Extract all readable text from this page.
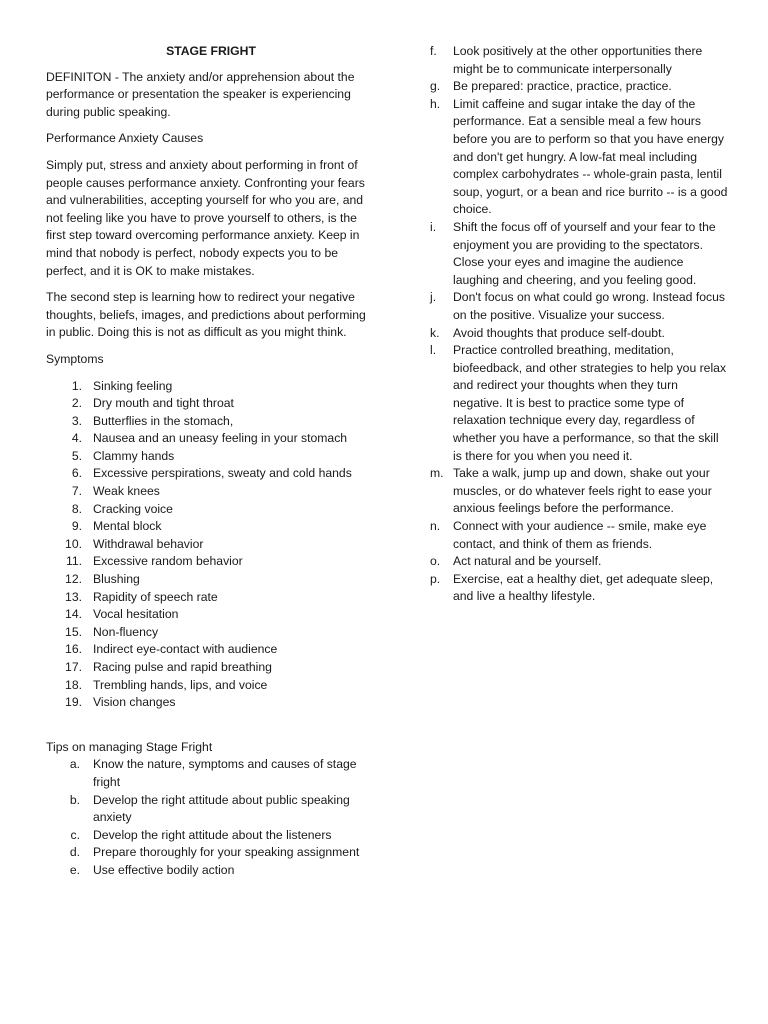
STAGE FRIGHT

DEFINITON - The anxiety and/or apprehension about the performance or presentation the speaker is experiencing during public speaking.

Performance Anxiety Causes

Simply put, stress and anxiety about performing in front of people causes performance anxiety. Confronting your fears and vulnerabilities, accepting yourself for who you are, and not feeling like you have to prove yourself to others, is the first step toward overcoming performance anxiety. Keep in mind that nobody is perfect, nobody expects you to be perfect, and it is OK to make mistakes.

The second step is learning how to redirect your negative thoughts, beliefs, images, and predictions about performing in public. Doing this is not as difficult as you might think.

Symptoms

1. Sinking feeling
2. Dry mouth and tight throat
3. Butterflies in the stomach,
4. Nausea and an uneasy feeling in your stomach
5. Clammy hands
6. Excessive perspirations, sweaty and cold hands
7. Weak knees
8. Cracking voice
9. Mental block
10. Withdrawal behavior
11. Excessive random behavior
12. Blushing
13. Rapidity of speech rate
14. Vocal hesitation
15. Non-fluency
16. Indirect eye-contact with audience
17. Racing pulse and rapid breathing
18. Trembling hands, lips, and voice
19. Vision changes
Tips on managing Stage Fright
a. Know the nature, symptoms and causes of stage fright
b. Develop the right attitude about public speaking anxiety
c. Develop the right attitude about the listeners
d. Prepare thoroughly for your speaking assignment
e. Use effective bodily action
f. Look positively at the other opportunities there might be to communicate interpersonally
g. Be prepared: practice, practice, practice.
h. Limit caffeine and sugar intake the day of the performance. Eat a sensible meal a few hours before you are to perform so that you have energy and don't get hungry. A low-fat meal including complex carbohydrates -- whole-grain pasta, lentil soup, yogurt, or a bean and rice burrito -- is a good choice.
i. Shift the focus off of yourself and your fear to the enjoyment you are providing to the spectators. Close your eyes and imagine the audience laughing and cheering, and you feeling good.
j. Don't focus on what could go wrong. Instead focus on the positive. Visualize your success.
k. Avoid thoughts that produce self-doubt.
l. Practice controlled breathing, meditation, biofeedback, and other strategies to help you relax and redirect your thoughts when they turn negative. It is best to practice some type of relaxation technique every day, regardless of whether you have a performance, so that the skill is there for you when you need it.
m. Take a walk, jump up and down, shake out your muscles, or do whatever feels right to ease your anxious feelings before the performance.
n. Connect with your audience -- smile, make eye contact, and think of them as friends.
o. Act natural and be yourself.
p. Exercise, eat a healthy diet, get adequate sleep, and live a healthy lifestyle.
